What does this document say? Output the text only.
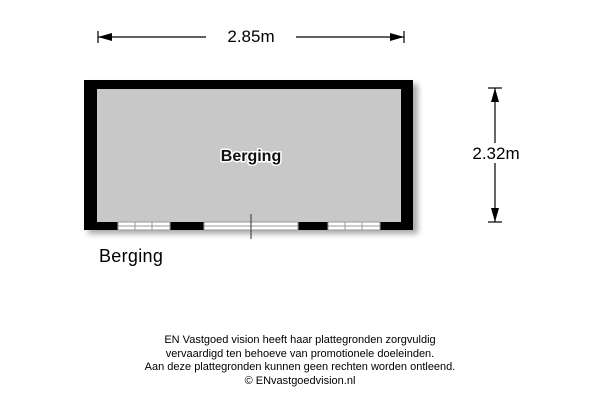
2.85m
2.32m
Berging
Berging
EN Vastgoed vision heeft haar plattegronden zorgvuldig
vervaardigd ten behoeve van promotionele doeleinden.
Aan deze plattegronden kunnen geen rechten worden ontleend.
© ENvastgoedvision.nl
